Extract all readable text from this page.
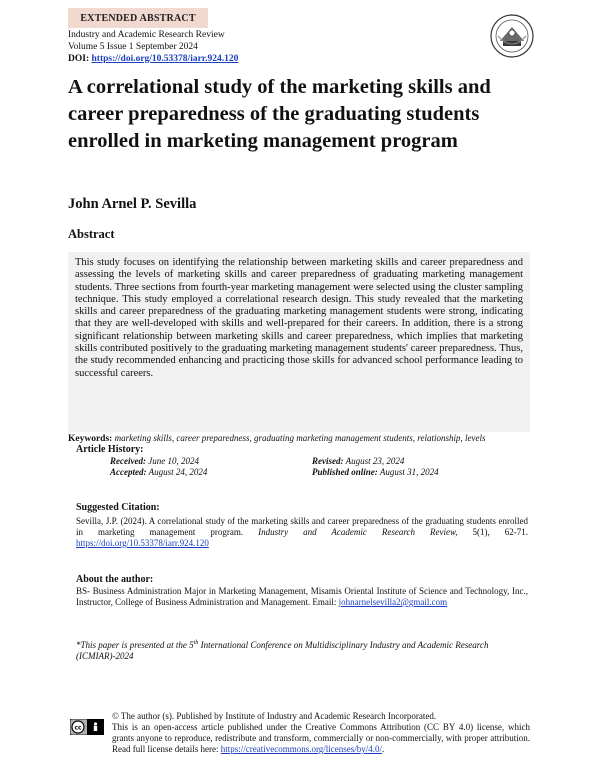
EXTENDED ABSTRACT
Industry and Academic Research Review
Volume 5 Issue 1 September 2024
DOI: https://doi.org/10.53378/iarr.924.120
A correlational study of the marketing skills and career preparedness of the graduating students enrolled in marketing management program
John Arnel P. Sevilla
Abstract
This study focuses on identifying the relationship between marketing skills and career preparedness and assessing the levels of marketing skills and career preparedness of graduating marketing management students. Three sections from fourth-year marketing management were selected using the cluster sampling technique. This study employed a correlational research design. This study revealed that the marketing skills and career preparedness of the graduating marketing management students were strong, indicating that they are well-developed with skills and well-prepared for their careers. In addition, there is a strong significant relationship between marketing skills and career preparedness, which implies that marketing skills contributed positively to the graduating marketing management students' career preparedness. Thus, the study recommended enhancing and practicing those skills for advanced school performance leading to successful careers.
Keywords: marketing skills, career preparedness, graduating marketing management students, relationship, levels
Article History:
Received: June 10, 2024	Revised: August 23, 2024
Accepted: August 24, 2024	Published online: August 31, 2024
Suggested Citation:
Sevilla, J.P. (2024). A correlational study of the marketing skills and career preparedness of the graduating students enrolled in marketing management program. Industry and Academic Research Review, 5(1), 62-71. https://doi.org/10.53378/iarr.924.120
About the author:
BS- Business Administration Major in Marketing Management, Misamis Oriental Institute of Science and Technology, Inc., Instructor, College of Business Administration and Management. Email: johnarnelsevilla2@gmail.com
*This paper is presented at the 5th International Conference on Multidisciplinary Industry and Academic Research (ICMIAR)-2024
cc
© The author (s). Published by Institute of Industry and Academic Research Incorporated.
This is an open-access article published under the Creative Commons Attribution (CC BY 4.0) license, which grants anyone to reproduce, redistribute and transform, commercially or non-commercially, with proper attribution. Read full license details here: https://creativecommons.org/licenses/by/4.0/.
